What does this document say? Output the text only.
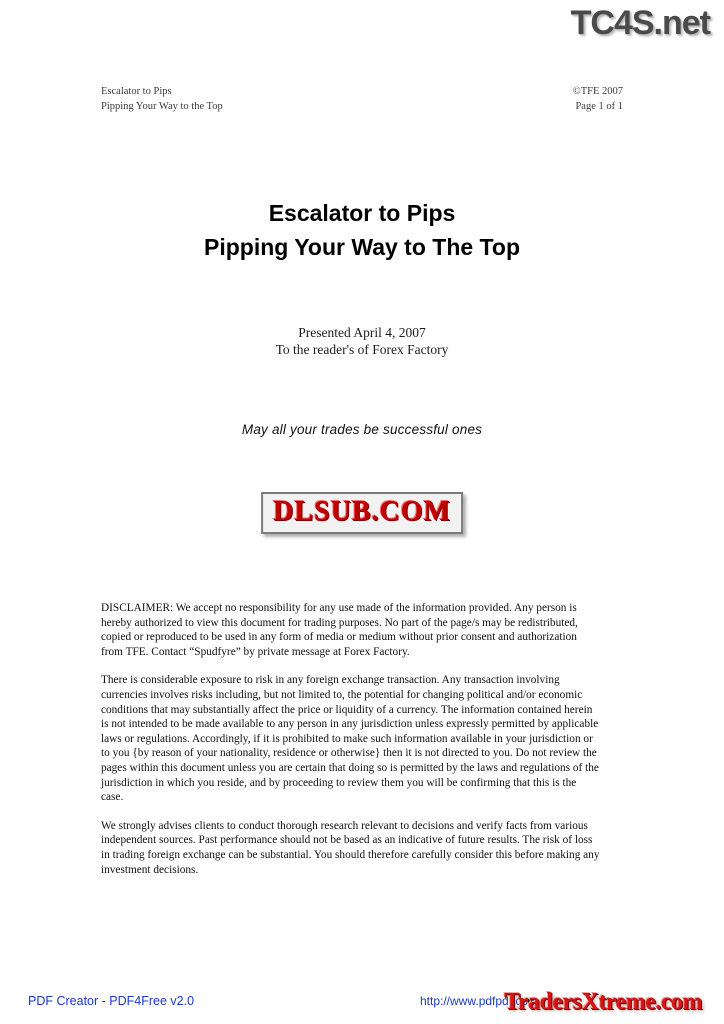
TC4S.net
Escalator to Pips
Pipping Your Way to the Top
©TFE 2007
Page 1 of 1
Escalator to Pips
Pipping Your Way to The Top
Presented April 4, 2007
To the reader's of Forex Factory
May all your trades be successful ones
DLSUB.COM

DISCLAIMER: We accept no responsibility for any use made of the information provided. Any person is hereby authorized to view this document for trading purposes. No part of the page/s may be redistributed, copied or reproduced to be used in any form of media or medium without prior consent and authorization from TFE. Contact “Spudfyre” by private message at Forex Factory.

There is considerable exposure to risk in any foreign exchange transaction. Any transaction involving currencies involves risks including, but not limited to, the potential for changing political and/or economic conditions that may substantially affect the price or liquidity of a currency. The information contained herein is not intended to be made available to any person in any jurisdiction unless expressly permitted by applicable laws or regulations. Accordingly, if it is prohibited to make such information available in your jurisdiction or to you {by reason of your nationality, residence or otherwise} then it is not directed to you. Do not review the pages within this document unless you are certain that doing so is permitted by the laws and regulations of the jurisdiction in which you reside, and by proceeding to review them you will be confirming that this is the case.

We strongly advises clients to conduct thorough research relevant to decisions and verify facts from various independent sources. Past performance should not be based as an indicative of future results. The risk of loss in trading foreign exchange can be substantial. You should therefore carefully consider this before making any investment decisions.

PDF Creator - PDF4Free v2.0	http://www.pdfpdf.com
TradersXtreme.com
